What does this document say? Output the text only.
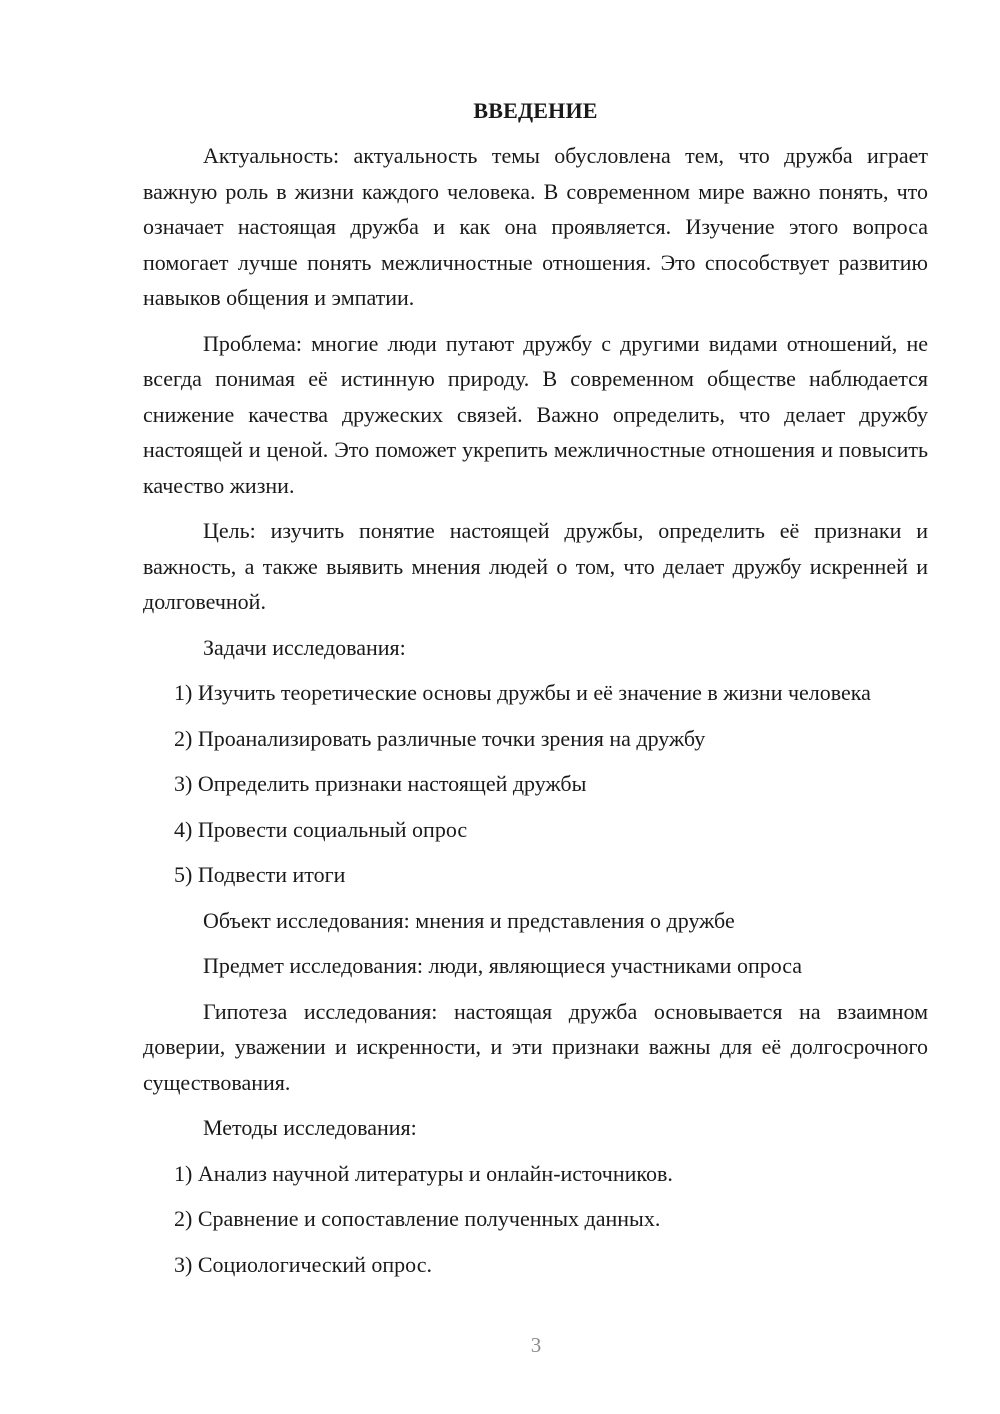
ВВЕДЕНИЕ

Актуальность: актуальность темы обусловлена тем, что дружба играет важную роль в жизни каждого человека. В современном мире важно понять, что означает настоящая дружба и как она проявляется. Изучение этого вопроса помогает лучше понять межличностные отношения. Это способствует развитию навыков общения и эмпатии.

Проблема: многие люди путают дружбу с другими видами отношений, не всегда понимая её истинную природу. В современном обществе наблюдается снижение качества дружеских связей. Важно определить, что делает дружбу настоящей и ценой. Это поможет укрепить межличностные отношения и повысить качество жизни.

Цель: изучить понятие настоящей дружбы, определить её признаки и важность, а также выявить мнения людей о том, что делает дружбу искренней и долговечной.

Задачи исследования:

1) Изучить теоретические основы дружбы и её значение в жизни человека

2) Проанализировать различные точки зрения на дружбу

3) Определить признаки настоящей дружбы

4) Провести социальный опрос

5) Подвести итоги

Объект исследования: мнения и представления о дружбе

Предмет исследования: люди, являющиеся участниками опроса

Гипотеза исследования: настоящая дружба основывается на взаимном доверии, уважении и искренности, и эти признаки важны для её долгосрочного существования.

Методы исследования:

1) Анализ научной литературы и онлайн-источников.

2) Сравнение и сопоставление полученных данных.

3) Социологический опрос.

3
